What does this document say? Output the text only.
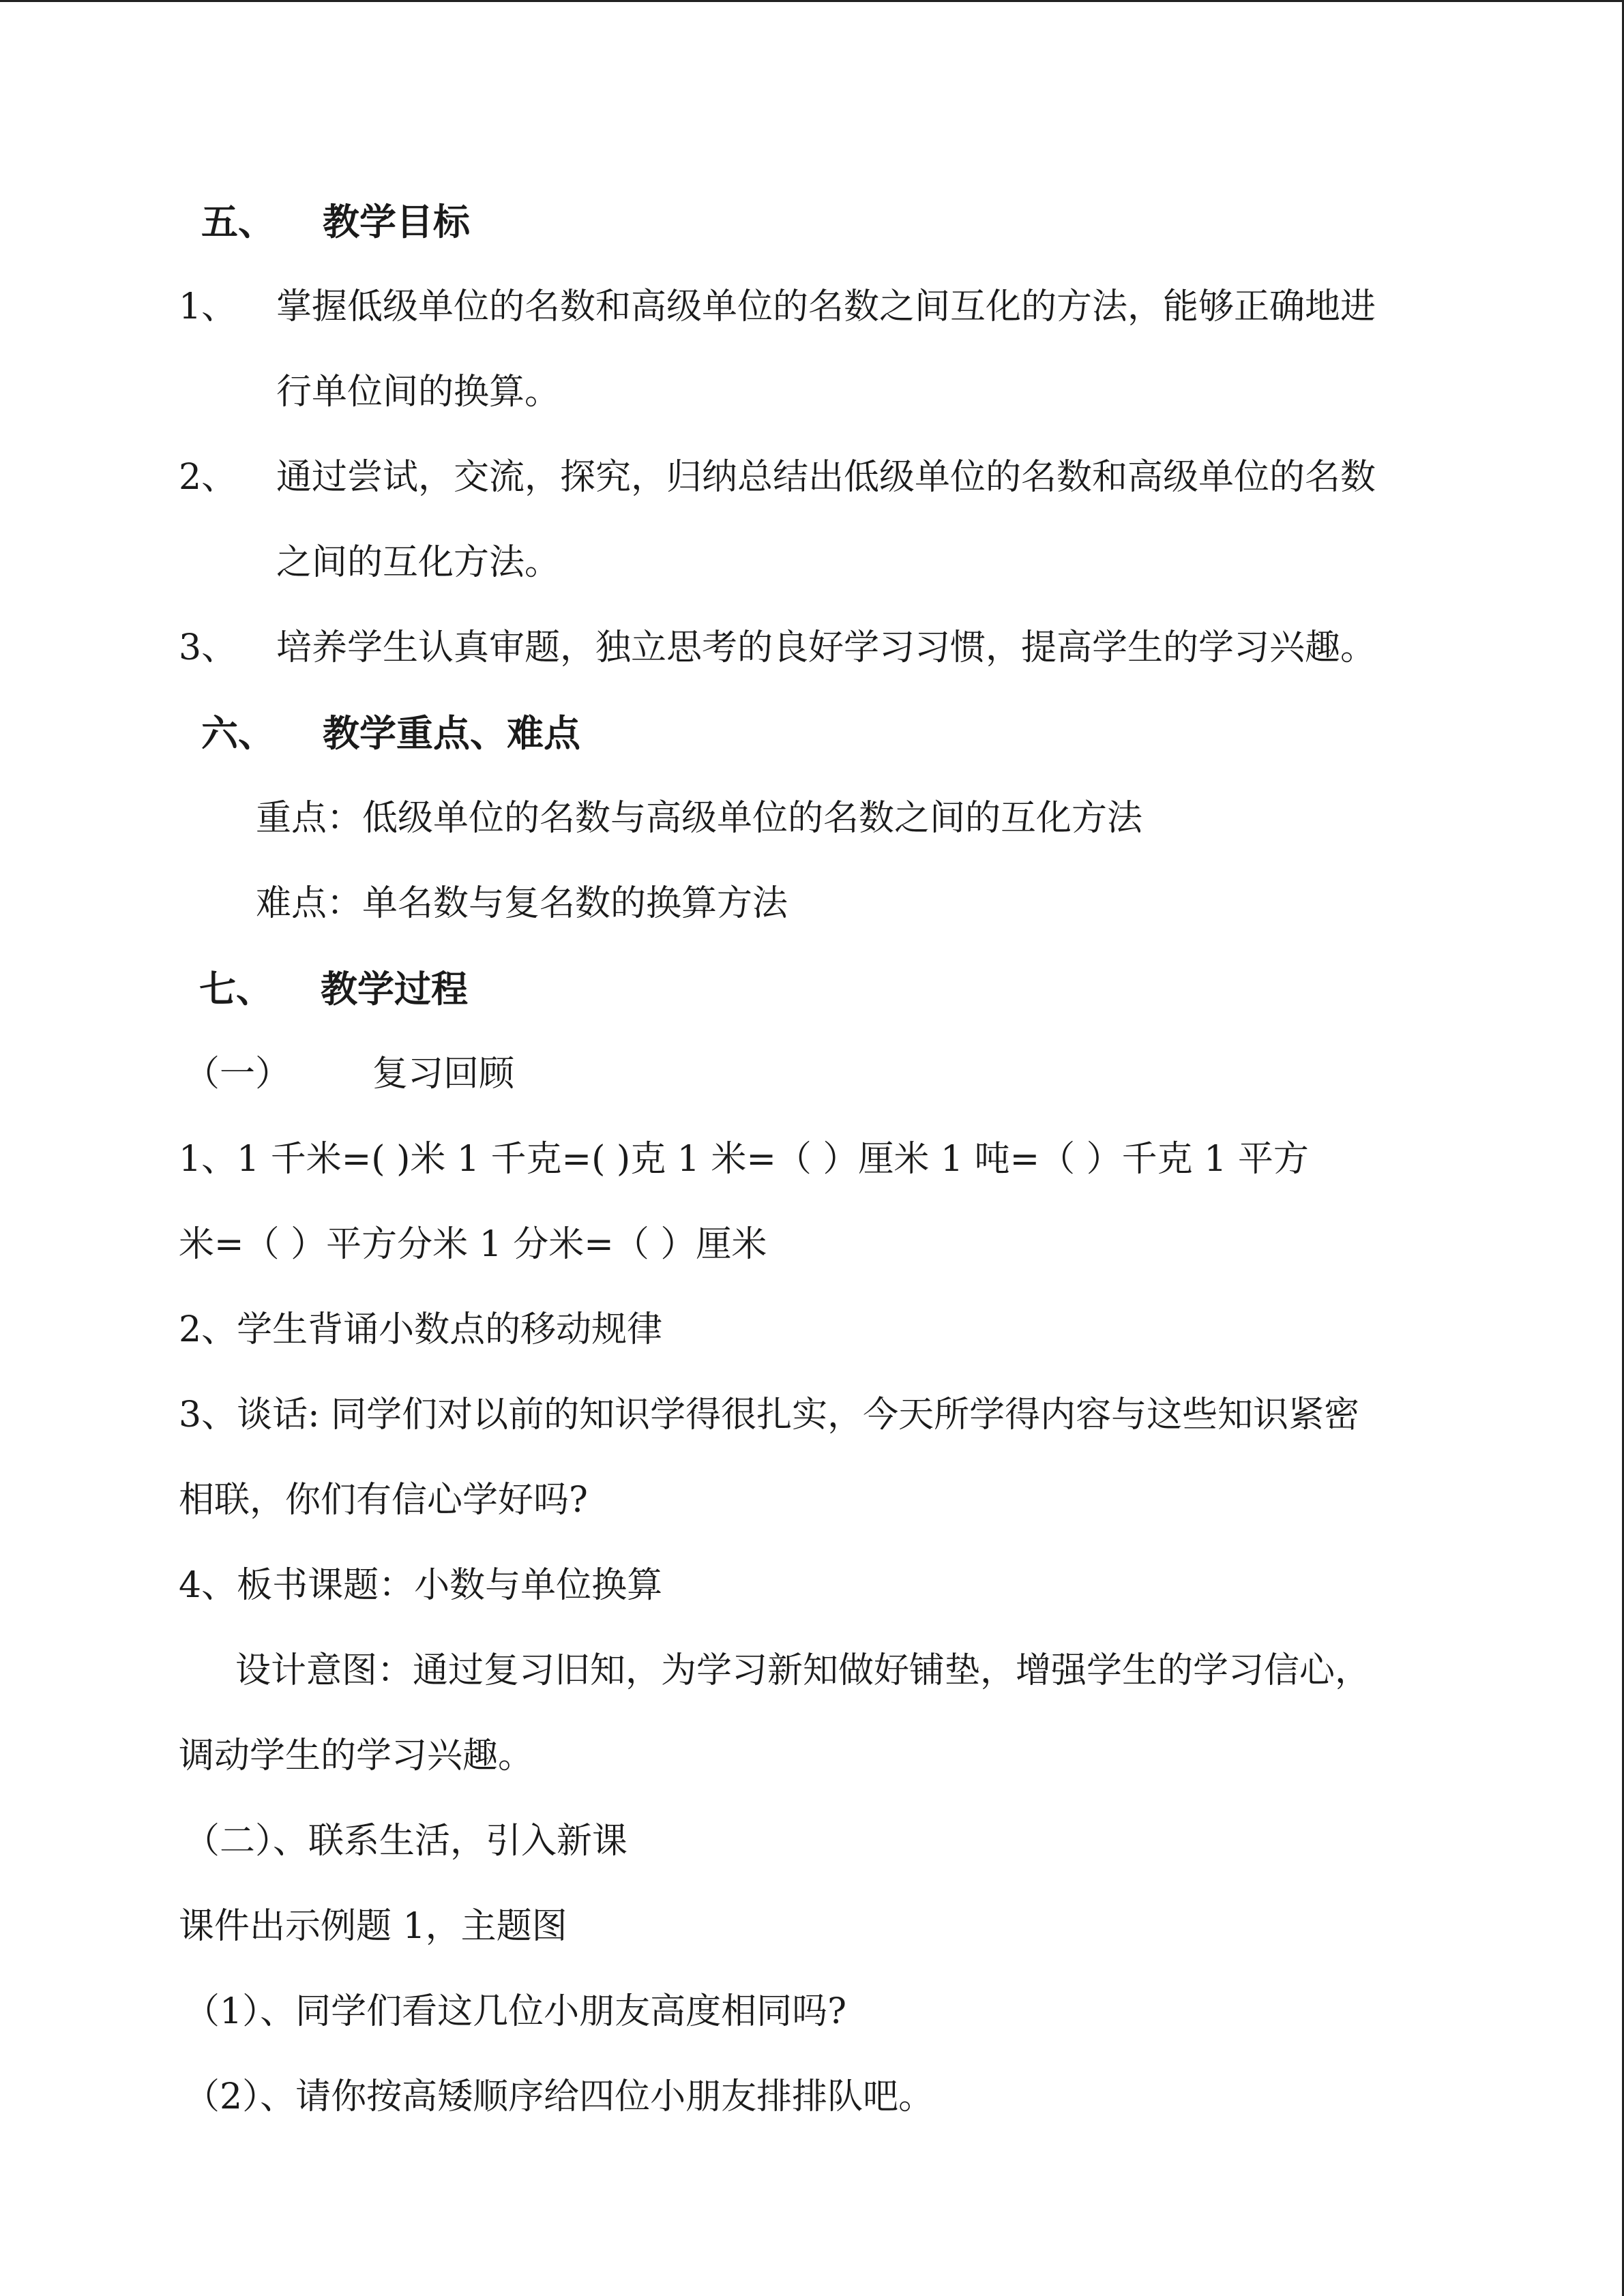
五、 教学目标
1、 掌握低级单位的名数和高级单位的名数之间互化的方法，能够正确地进
行单位间的换算。
2、 通过尝试，交流，探究，归纳总结出低级单位的名数和高级单位的名数
之间的互化方法。
3、 培养学生认真审题，独立思考的良好学习习惯，提高学生的学习兴趣。
六、 教学重点、难点
重点：低级单位的名数与高级单位的名数之间的互化方法
难点：单名数与复名数的换算方法
七、 教学过程
（一） 复习回顾
1、1 千米=( )米 1 千克=( )克 1 米=（ ）厘米 1 吨=（ ）千克 1 平方
米=（ ）平方分米 1 分米=（ ）厘米
2、学生背诵小数点的移动规律
3、谈话: 同学们对以前的知识学得很扎实，今天所学得内容与这些知识紧密
相联，你们有信心学好吗?
4、板书课题：小数与单位换算
设计意图：通过复习旧知，为学习新知做好铺垫，增强学生的学习信心，
调动学生的学习兴趣。
（二）、联系生活，引入新课
课件出示例题 1，主题图
（1）、同学们看这几位小朋友高度相同吗?
（2）、请你按高矮顺序给四位小朋友排排队吧。
